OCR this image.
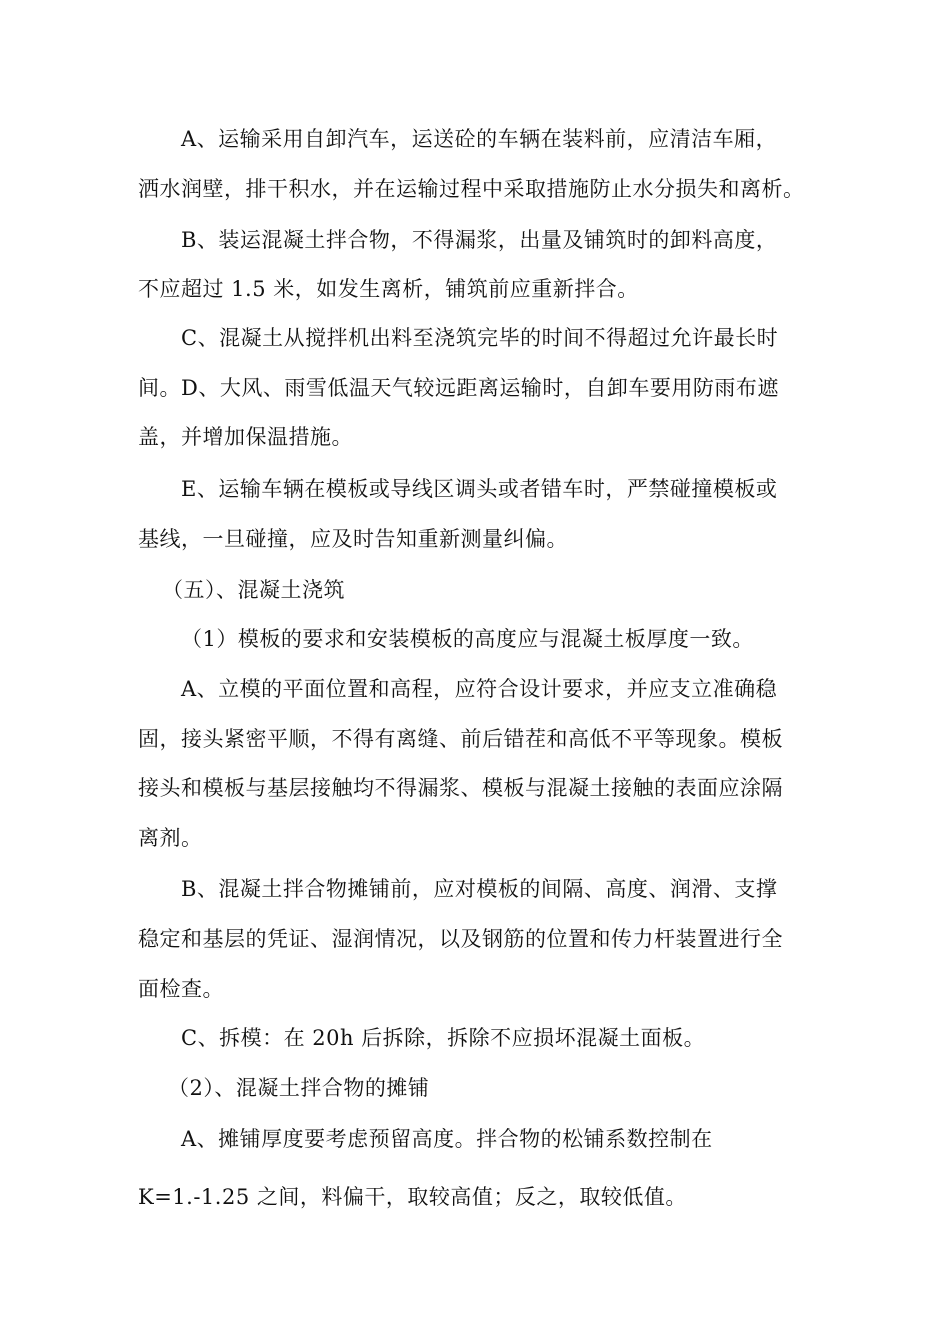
A、运输采用自卸汽车，运送砼的车辆在装料前，应清洁车厢，
洒水润壁，排干积水，并在运输过程中采取措施防止水分损失和离析。
B、装运混凝土拌合物，不得漏浆，出量及铺筑时的卸料高度，
不应超过 1.5 米，如发生离析，铺筑前应重新拌合。
C、混凝土从搅拌机出料至浇筑完毕的时间不得超过允许最长时
间。D、大风、雨雪低温天气较远距离运输时，自卸车要用防雨布遮
盖，并增加保温措施。
E、运输车辆在模板或导线区调头或者错车时，严禁碰撞模板或
基线，一旦碰撞，应及时告知重新测量纠偏。
（五）、混凝土浇筑
（1）模板的要求和安装模板的高度应与混凝土板厚度一致。
A、立模的平面位置和高程，应符合设计要求，并应支立准确稳
固，接头紧密平顺，不得有离缝、前后错茬和高低不平等现象。模板
接头和模板与基层接触均不得漏浆、模板与混凝土接触的表面应涂隔
离剂。
B、混凝土拌合物摊铺前，应对模板的间隔、高度、润滑、支撑
稳定和基层的凭证、湿润情况，以及钢筋的位置和传力杆装置进行全
面检查。
C、拆模：在 20h 后拆除，拆除不应损坏混凝土面板。
（2）、混凝土拌合物的摊铺
A、摊铺厚度要考虑预留高度。拌合物的松铺系数控制在
K=1.-1.25 之间，料偏干，取较高值；反之，取较低值。
